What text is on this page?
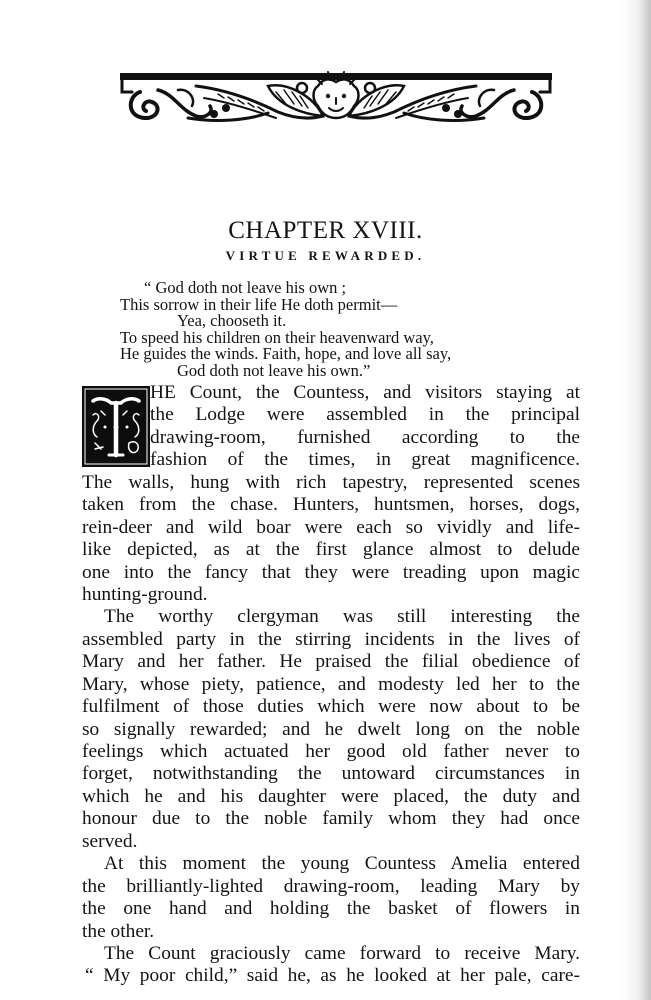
CHAPTER XVIII.
VIRTUE REWARDED.
“ God doth not leave his own ;
This sorrow in their life He doth permit—
Yea, chooseth it.
To speed his children on their heavenward way,
He guides the winds. Faith, hope, and love all say,
God doth not leave his own.”
HE Count, the Countess, and visitors staying at
the Lodge were assembled in the principal
drawing-room, furnished according to the
fashion of the times, in great magnificence.
The walls, hung with rich tapestry, represented scenes
taken from the chase. Hunters, huntsmen, horses, dogs,
rein-deer and wild boar were each so vividly and life-
like depicted, as at the first glance almost to delude
one into the fancy that they were treading upon magic
hunting-ground.
The worthy clergyman was still interesting the
assembled party in the stirring incidents in the lives of
Mary and her father. He praised the filial obedience of
Mary, whose piety, patience, and modesty led her to the
fulfilment of those duties which were now about to be
so signally rewarded; and he dwelt long on the noble
feelings which actuated her good old father never to
forget, notwithstanding the untoward circumstances in
which he and his daughter were placed, the duty and
honour due to the noble family whom they had once
served.
At this moment the young Countess Amelia entered
the brilliantly-lighted drawing-room, leading Mary by
the one hand and holding the basket of flowers in
the other.
The Count graciously came forward to receive Mary.
“ My poor child,” said he, as he looked at her pale, care-
